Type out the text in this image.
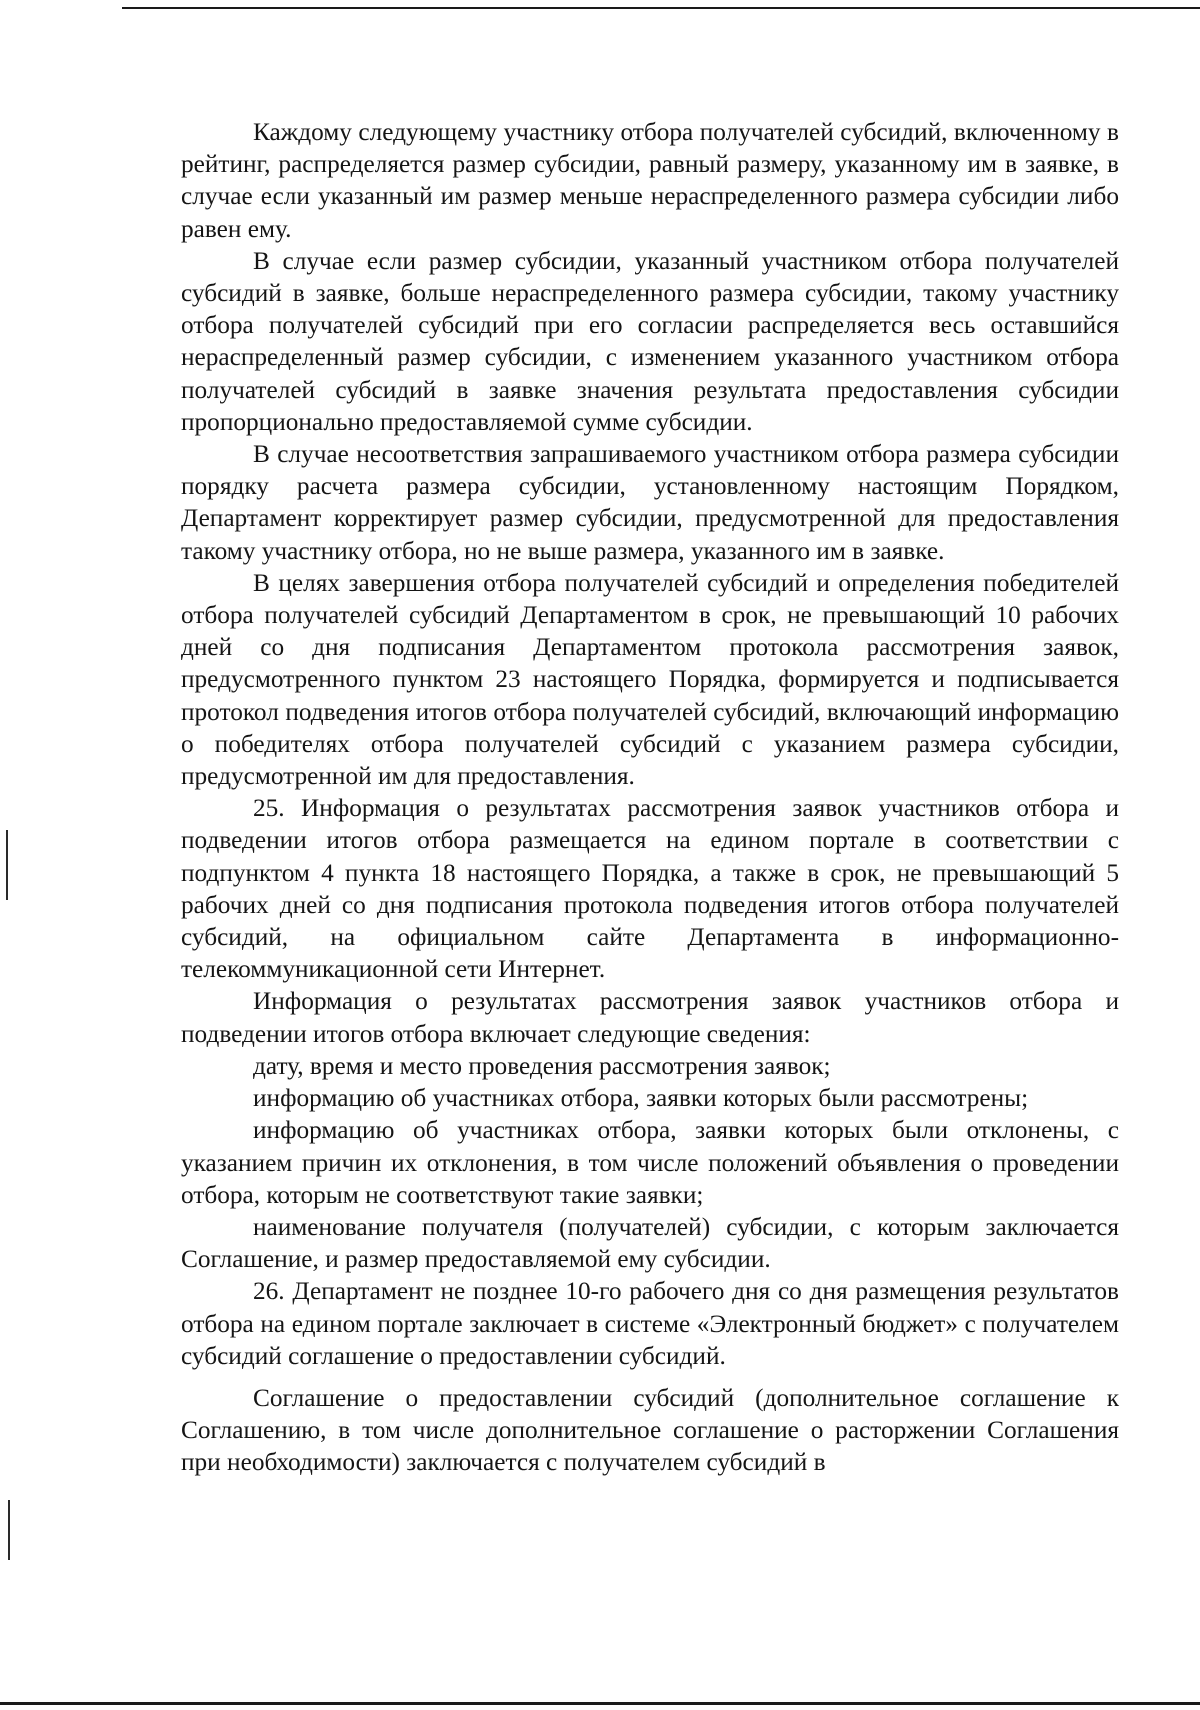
Каждому следующему участнику отбора получателей субсидий, включенному в рейтинг, распределяется размер субсидии, равный размеру, указанному им в заявке, в случае если указанный им размер меньше нераспределенного размера субсидии либо равен ему.

В случае если размер субсидии, указанный участником отбора получателей субсидий в заявке, больше нераспределенного размера субсидии, такому участнику отбора получателей субсидий при его согласии распределяется весь оставшийся нераспределенный размер субсидии, с изменением указанного участником отбора получателей субсидий в заявке значения результата предоставления субсидии пропорционально предоставляемой сумме субсидии.

В случае несоответствия запрашиваемого участником отбора размера субсидии порядку расчета размера субсидии, установленному настоящим Порядком, Департамент корректирует размер субсидии, предусмотренной для предоставления такому участнику отбора, но не выше размера, указанного им в заявке.

В целях завершения отбора получателей субсидий и определения победителей отбора получателей субсидий Департаментом в срок, не превышающий 10 рабочих дней со дня подписания Департаментом протокола рассмотрения заявок, предусмотренного пунктом 23 настоящего Порядка, формируется и подписывается протокол подведения итогов отбора получателей субсидий, включающий информацию о победителях отбора получателей субсидий с указанием размера субсидии, предусмотренной им для предоставления.

25. Информация о результатах рассмотрения заявок участников отбора и подведении итогов отбора размещается на едином портале в соответствии с подпунктом 4 пункта 18 настоящего Порядка, а также в срок, не превышающий 5 рабочих дней со дня подписания протокола подведения итогов отбора получателей субсидий, на официальном сайте Департамента в информационно-телекоммуникационной сети Интернет.

Информация о результатах рассмотрения заявок участников отбора и подведении итогов отбора включает следующие сведения:

дату, время и место проведения рассмотрения заявок;

информацию об участниках отбора, заявки которых были рассмотрены;

информацию об участниках отбора, заявки которых были отклонены, с указанием причин их отклонения, в том числе положений объявления о проведении отбора, которым не соответствуют такие заявки;

наименование получателя (получателей) субсидии, с которым заключается Соглашение, и размер предоставляемой ему субсидии.

26. Департамент не позднее 10-го рабочего дня со дня размещения результатов отбора на едином портале заключает в системе «Электронный бюджет» с получателем субсидий соглашение о предоставлении субсидий.

Соглашение о предоставлении субсидий (дополнительное соглашение к Соглашению, в том числе дополнительное соглашение о расторжении Соглашения при необходимости) заключается с получателем субсидий в
